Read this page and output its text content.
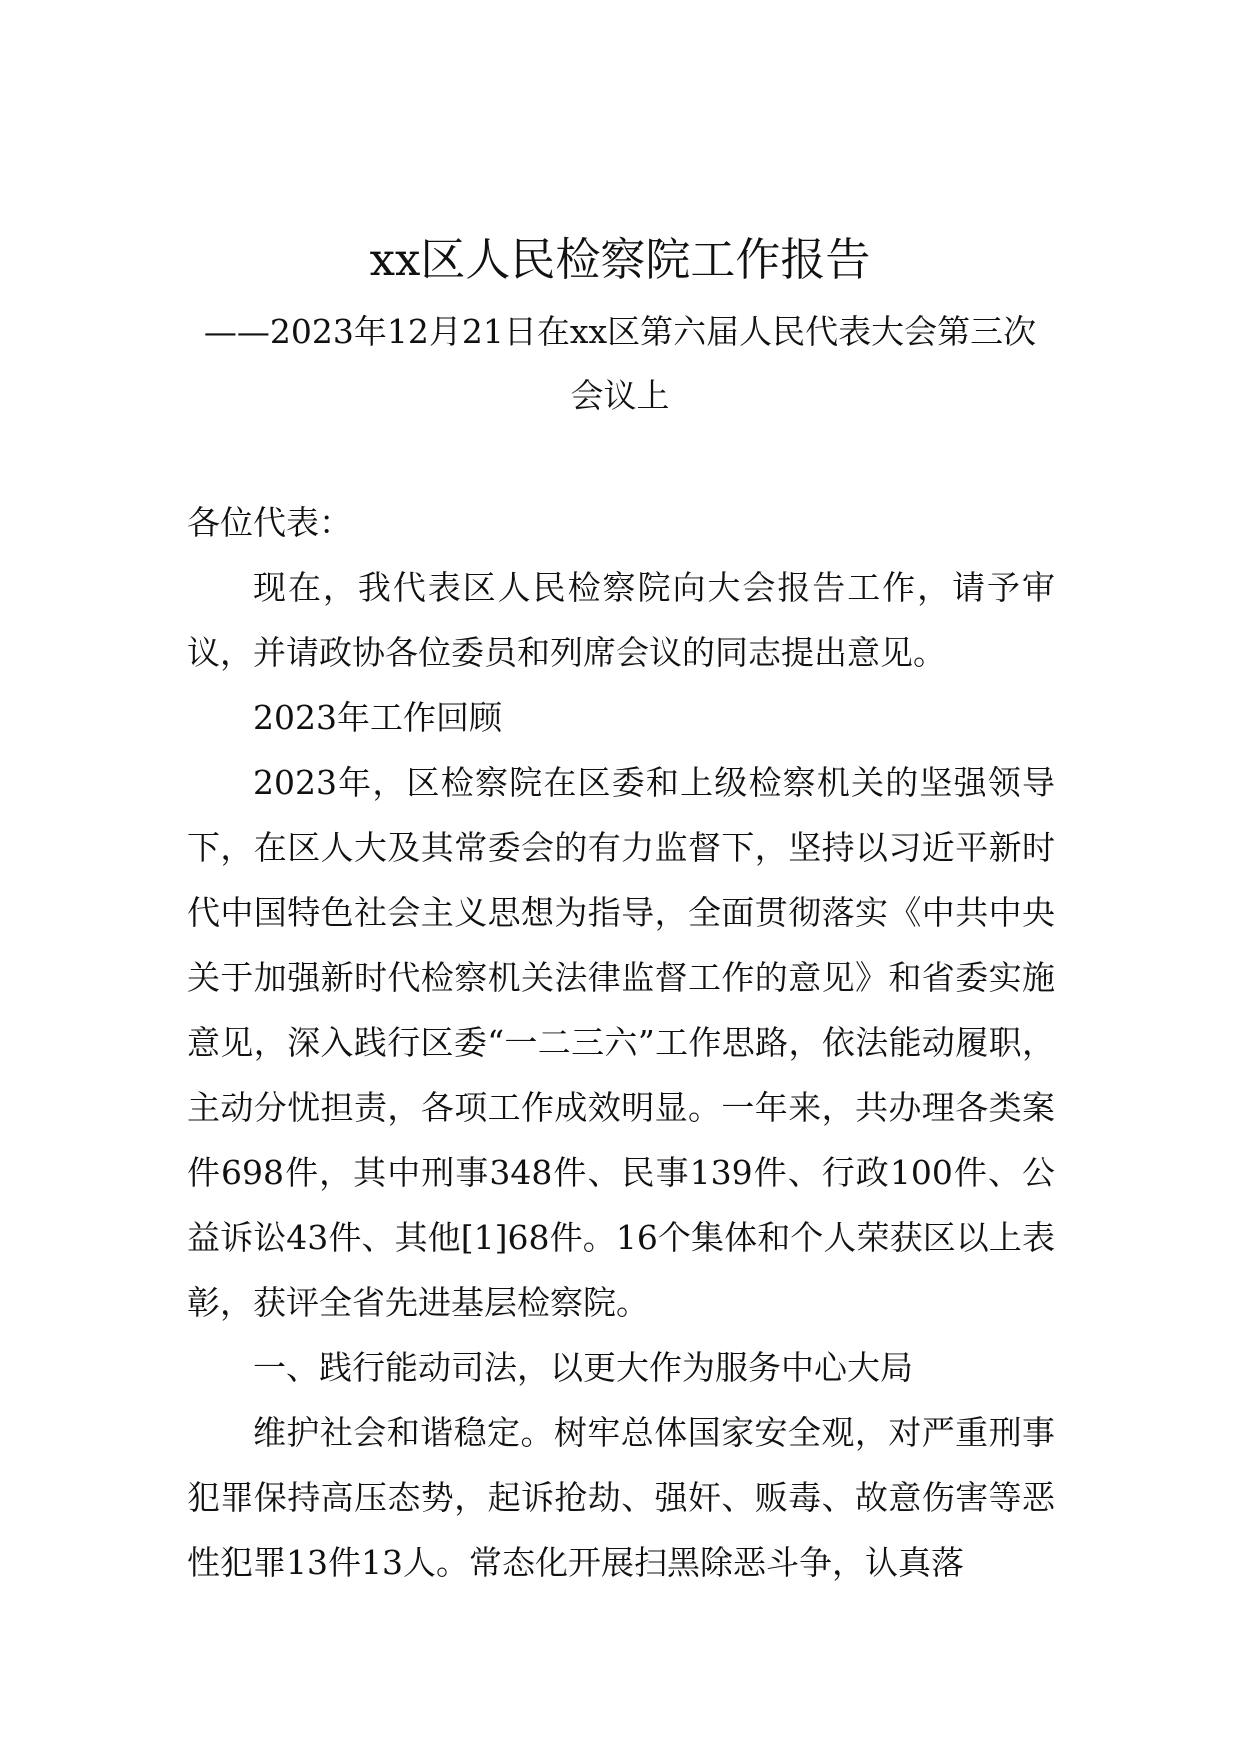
xx区人民检察院工作报告

——2023年12月21日在xx区第六届人民代表大会第三次会议上

各位代表：

现在，我代表区人民检察院向大会报告工作，请予审议，并请政协各位委员和列席会议的同志提出意见。

2023年工作回顾

2023年，区检察院在区委和上级检察机关的坚强领导下，在区人大及其常委会的有力监督下，坚持以习近平新时代中国特色社会主义思想为指导，全面贯彻落实《中共中央关于加强新时代检察机关法律监督工作的意见》和省委实施意见，深入践行区委“一二三六”工作思路，依法能动履职，主动分忧担责，各项工作成效明显。一年来，共办理各类案件698件，其中刑事348件、民事139件、行政100件、公益诉讼43件、其他[1]68件。16个集体和个人荣获区以上表彰，获评全省先进基层检察院。

一、践行能动司法，以更大作为服务中心大局

维护社会和谐稳定。树牢总体国家安全观，对严重刑事犯罪保持高压态势，起诉抢劫、强奸、贩毒、故意伤害等恶性犯罪13件13人。常态化开展扫黑除恶斗争，认真落
